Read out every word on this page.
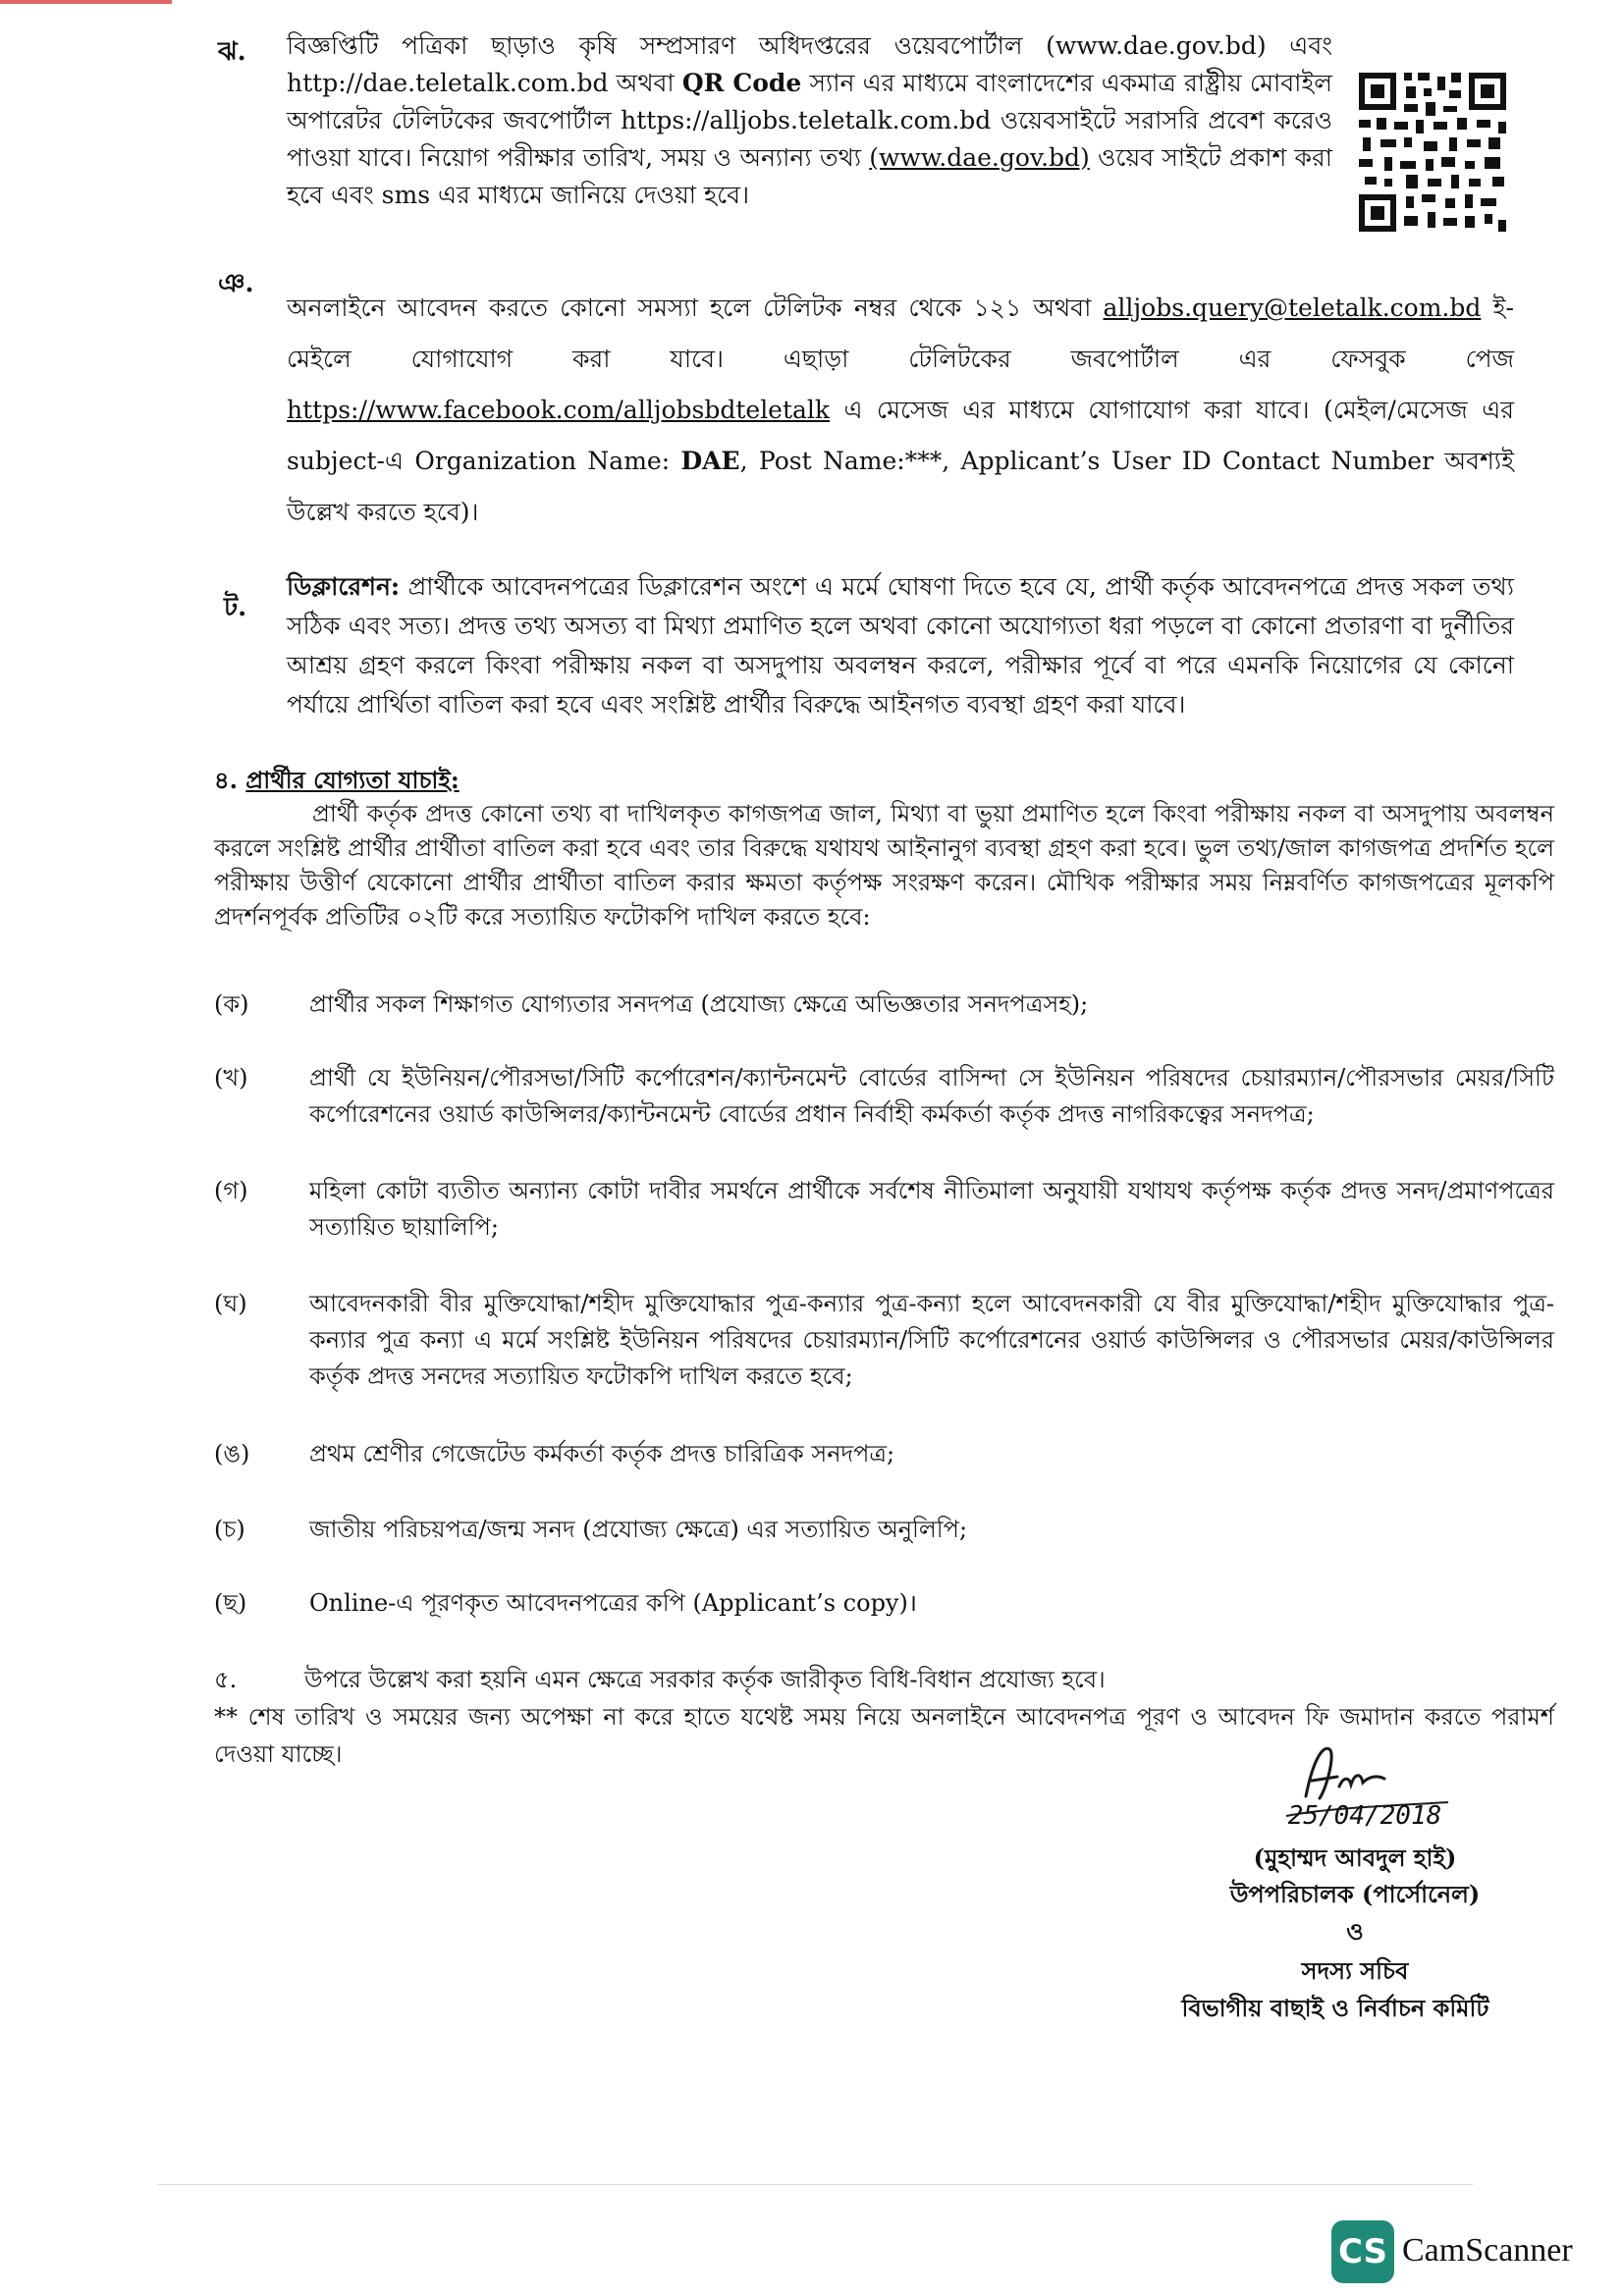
ঝ. বিজ্ঞপ্তিটি পত্রিকা ছাড়াও কৃষি সম্প্রসারণ অধিদপ্তরের ওয়েবপোর্টাল (www.dae.gov.bd) এবং http://dae.teletalk.com.bd অথবা QR Code স্যান এর মাধ্যমে বাংলাদেশের একমাত্র রাষ্ট্রীয় মোবাইল অপারেটর টেলিটকের জবপোর্টাল https://alljobs.teletalk.com.bd ওয়েবসাইটে সরাসরি প্রবেশ করেও পাওয়া যাবে। নিয়োগ পরীক্ষার তারিখ, সময় ও অন্যান্য তথ্য (www.dae.gov.bd) ওয়েব সাইটে প্রকাশ করা হবে এবং sms এর মাধ্যমে জানিয়ে দেওয়া হবে।
ঞ.
অনলাইনে আবেদন করতে কোনো সমস্যা হলে টেলিটক নম্বর থেকে ১২১ অথবা alljobs.query@teletalk.com.bd ই-মেইলে যোগাযোগ করা যাবে। এছাড়া টেলিটকের জবপোর্টাল এর ফেসবুক পেজ https://www.facebook.com/alljobsbdteletalk এ মেসেজ এর মাধ্যমে যোগাযোগ করা যাবে। (মেইল/মেসেজ এর subject-এ Organization Name: DAE, Post Name:***, Applicant’s User ID Contact Number অবশ্যই উল্লেখ করতে হবে)।
ট.
ডিক্লারেশন: প্রার্থীকে আবেদনপত্রের ডিক্লারেশন অংশে এ মর্মে ঘোষণা দিতে হবে যে, প্রার্থী কর্তৃক আবেদনপত্রে প্রদত্ত সকল তথ্য সঠিক এবং সত্য। প্রদত্ত তথ্য অসত্য বা মিথ্যা প্রমাণিত হলে অথবা কোনো অযোগ্যতা ধরা পড়লে বা কোনো প্রতারণা বা দুর্নীতির আশ্রয় গ্রহণ করলে কিংবা পরীক্ষায় নকল বা অসদুপায় অবলম্বন করলে, পরীক্ষার পূর্বে বা পরে এমনকি নিয়োগের যে কোনো পর্যায়ে প্রার্থিতা বাতিল করা হবে এবং সংশ্লিষ্ট প্রার্থীর বিরুদ্ধে আইনগত ব্যবস্থা গ্রহণ করা যাবে।
৪. প্রার্থীর যোগ্যতা যাচাই:
প্রার্থী কর্তৃক প্রদত্ত কোনো তথ্য বা দাখিলকৃত কাগজপত্র জাল, মিথ্যা বা ভুয়া প্রমাণিত হলে কিংবা পরীক্ষায় নকল বা অসদুপায় অবলম্বন করলে সংশ্লিষ্ট প্রার্থীর প্রার্থীতা বাতিল করা হবে এবং তার বিরুদ্ধে যথাযথ আইনানুগ ব্যবস্থা গ্রহণ করা হবে। ভুল তথ্য/জাল কাগজপত্র প্রদর্শিত হলে পরীক্ষায় উত্তীর্ণ যেকোনো প্রার্থীর প্রার্থীতা বাতিল করার ক্ষমতা কর্তৃপক্ষ সংরক্ষণ করেন। মৌখিক পরীক্ষার সময় নিম্নবর্ণিত কাগজপত্রের মূলকপি প্রদর্শনপূর্বক প্রতিটির ০২টি করে সত্যায়িত ফটোকপি দাখিল করতে হবে:
(ক)	প্রার্থীর সকল শিক্ষাগত যোগ্যতার সনদপত্র (প্রযোজ্য ক্ষেত্রে অভিজ্ঞতার সনদপত্রসহ);
(খ)	প্রার্থী যে ইউনিয়ন/পৌরসভা/সিটি কর্পোরেশন/ক্যান্টনমেন্ট বোর্ডের বাসিন্দা সে ইউনিয়ন পরিষদের চেয়ারম্যান/পৌরসভার মেয়র/সিটি কর্পোরেশনের ওয়ার্ড কাউন্সিলর/ক্যান্টনমেন্ট বোর্ডের প্রধান নির্বাহী কর্মকর্তা কর্তৃক প্রদত্ত নাগরিকত্বের সনদপত্র;
(গ)	মহিলা কোটা ব্যতীত অন্যান্য কোটা দাবীর সমর্থনে প্রার্থীকে সর্বশেষ নীতিমালা অনুযায়ী যথাযথ কর্তৃপক্ষ কর্তৃক প্রদত্ত সনদ/প্রমাণপত্রের সত্যায়িত ছায়ালিপি;
(ঘ)	আবেদনকারী বীর মুক্তিযোদ্ধা/শহীদ মুক্তিযোদ্ধার পুত্র-কন্যার পুত্র-কন্যা হলে আবেদনকারী যে বীর মুক্তিযোদ্ধা/শহীদ মুক্তিযোদ্ধার পুত্র-কন্যার পুত্র কন্যা এ মর্মে সংশ্লিষ্ট ইউনিয়ন পরিষদের চেয়ারম্যান/সিটি কর্পোরেশনের ওয়ার্ড কাউন্সিলর ও পৌরসভার মেয়র/কাউন্সিলর কর্তৃক প্রদত্ত সনদের সত্যায়িত ফটোকপি দাখিল করতে হবে;
(ঙ)	প্রথম শ্রেণীর গেজেটেড কর্মকর্তা কর্তৃক প্রদত্ত চারিত্রিক সনদপত্র;
(চ)	জাতীয় পরিচয়পত্র/জন্ম সনদ (প্রযোজ্য ক্ষেত্রে) এর সত্যায়িত অনুলিপি;
(ছ)	Online-এ পূরণকৃত আবেদনপত্রের কপি (Applicant’s copy)।
৫.	উপরে উল্লেখ করা হয়নি এমন ক্ষেত্রে সরকার কর্তৃক জারীকৃত বিধি-বিধান প্রযোজ্য হবে।
** শেষ তারিখ ও সময়ের জন্য অপেক্ষা না করে হাতে যথেষ্ট সময় নিয়ে অনলাইনে আবেদনপত্র পূরণ ও আবেদন ফি জমাদান করতে পরামর্শ দেওয়া যাচ্ছে।
25/04/2018
(মুহাম্মদ আবদুল হাই)
উপপরিচালক (পার্সোনেল)
ও
সদস্য সচিব
বিভাগীয় বাছাই ও নির্বাচন কমিটি
CS CamScanner
